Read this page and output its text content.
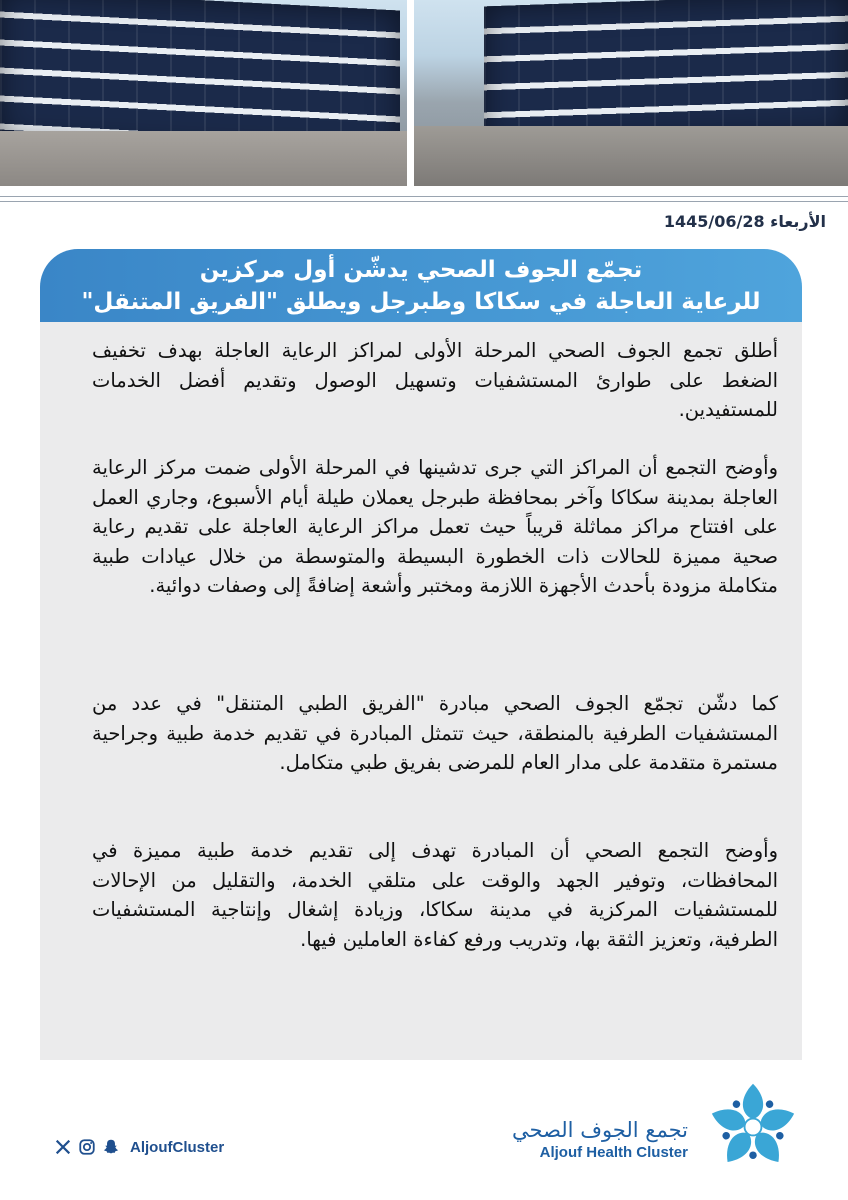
الأربعاء 1445/06/28
تجمّع الجوف الصحي يدشّن أول مركزين
للرعاية العاجلة في سكاكا وطبرجل ويطلق "الفريق المتنقل"

أطلق تجمع الجوف الصحي المرحلة الأولى لمراكز الرعاية العاجلة بهدف تخفيف الضغط على طوارئ المستشفيات وتسهيل الوصول وتقديم أفضل الخدمات للمستفيدين.

وأوضح التجمع أن المراكز التي جرى تدشينها في المرحلة الأولى ضمت مركز الرعاية العاجلة بمدينة سكاكا وآخر بمحافظة طبرجل يعملان طيلة أيام الأسبوع، وجاري العمل على افتتاح مراكز مماثلة قريباً حيث تعمل مراكز الرعاية العاجلة على تقديم رعاية صحية مميزة للحالات ذات الخطورة البسيطة والمتوسطة من خلال عيادات طبية متكاملة مزودة بأحدث الأجهزة اللازمة ومختبر وأشعة إضافةً إلى وصفات دوائية.

كما دشّن تجمّع الجوف الصحي مبادرة "الفريق الطبي المتنقل" في عدد من المستشفيات الطرفية بالمنطقة، حيث تتمثل المبادرة في تقديم خدمة طبية وجراحية مستمرة متقدمة على مدار العام للمرضى بفريق طبي متكامل.

وأوضح التجمع الصحي أن المبادرة تهدف إلى تقديم خدمة طبية مميزة في المحافظات، وتوفير الجهد والوقت على متلقي الخدمة، والتقليل من الإحالات للمستشفيات المركزية في مدينة سكاكا، وزيادة إشغال وإنتاجية المستشفيات الطرفية، وتعزيز الثقة بها، وتدريب ورفع كفاءة العاملين فيها.

AljoufCluster
تجمع الجوف الصحي
Aljouf Health Cluster
